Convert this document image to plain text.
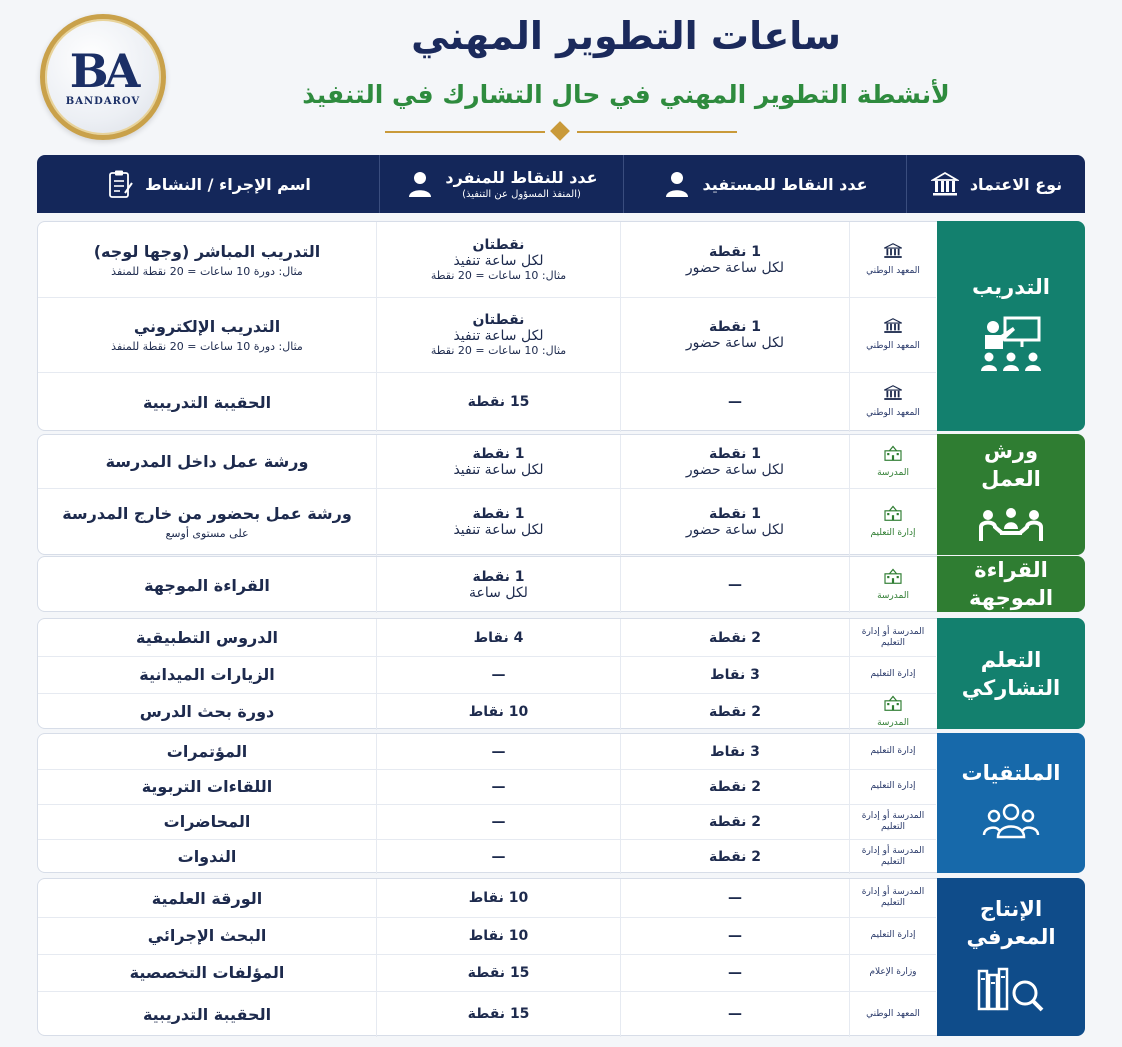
BA
BANDAROV
ساعات التطوير المهني
لأنشطة التطوير المهني في حال التشارك في التنفيذ
نوع الاعتماد
عدد النقاط للمستفيد
عدد للنقاط للمنفرد
(المنفذ المسؤول عن التنفيذ)
اسم الإجراء / النشاط
التدريب
المعهد الوطني
1 نقطة
لكل ساعة حضور
نقطتان
لكل ساعة تنفيذ
مثال: 10 ساعات = 20 نقطة
التدريب المباشر (وجها لوجه)
مثال: دورة 10 ساعات = 20 نقطة للمنفذ
المعهد الوطني
1 نقطة
لكل ساعة حضور
نقطتان
لكل ساعة تنفيذ
مثال: 10 ساعات = 20 نقطة
التدريب الإلكتروني
مثال: دورة 10 ساعات = 20 نقطة للمنفذ
المعهد الوطني
—
15 نقطة
الحقيبة التدريبية
ورش العمل
المدرسة
1 نقطة
لكل ساعة حضور
1 نقطة
لكل ساعة تنفيذ
ورشة عمل داخل المدرسة
إدارة التعليم
1 نقطة
لكل ساعة حضور
1 نقطة
لكل ساعة تنفيذ
ورشة عمل بحضور من خارج المدرسة
على مستوى أوسع
القراءة الموجهة
المدرسة
—
1 نقطة
لكل ساعة
القراءة الموجهة
التعلم التشاركي
المدرسة أو إدارة التعليم
2 نقطة
4 نقاط
الدروس التطبيقية
إدارة التعليم
3 نقاط
—
الزيارات الميدانية
المدرسة
2 نقطة
10 نقاط
دورة بحث الدرس
الملتقيات
إدارة التعليم
3 نقاط
—
المؤتمرات
إدارة التعليم
2 نقطة
—
اللقاءات التربوية
المدرسة أو إدارة التعليم
2 نقطة
—
المحاضرات
المدرسة أو إدارة التعليم
2 نقطة
—
الندوات
الإنتاج المعرفي
المدرسة أو إدارة التعليم
—
10 نقاط
الورقة العلمية
إدارة التعليم
—
10 نقاط
البحث الإجرائي
وزارة الإعلام
—
15 نقطة
المؤلفات التخصصية
المعهد الوطني
—
15 نقطة
الحقيبة التدريبية
